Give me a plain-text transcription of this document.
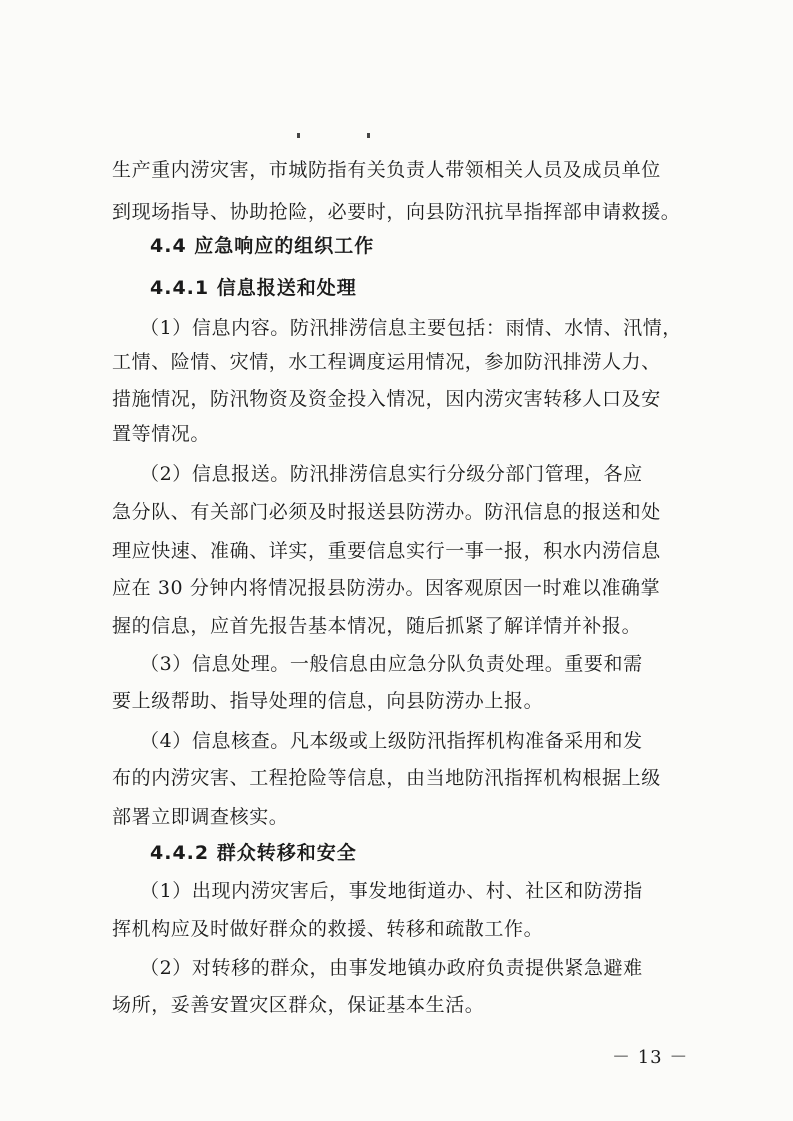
生产重内涝灾害，市城防指有关负责人带领相关人员及成员单位
到现场指导、协助抢险，必要时，向县防汛抗旱指挥部申请救援。
4.4 应急响应的组织工作
4.4.1 信息报送和处理
（1）信息内容。防汛排涝信息主要包括：雨情、水情、汛情，
工情、险情、灾情，水工程调度运用情况，参加防汛排涝人力、
措施情况，防汛物资及资金投入情况，因内涝灾害转移人口及安
置等情况。
（2）信息报送。防汛排涝信息实行分级分部门管理，各应
急分队、有关部门必须及时报送县防涝办。防汛信息的报送和处
理应快速、准确、详实，重要信息实行一事一报，积水内涝信息
应在 30 分钟内将情况报县防涝办。因客观原因一时难以准确掌
握的信息，应首先报告基本情况，随后抓紧了解详情并补报。
（3）信息处理。一般信息由应急分队负责处理。重要和需
要上级帮助、指导处理的信息，向县防涝办上报。
（4）信息核查。凡本级或上级防汛指挥机构准备采用和发
布的内涝灾害、工程抢险等信息，由当地防汛指挥机构根据上级
部署立即调查核实。
4.4.2 群众转移和安全
（1）出现内涝灾害后，事发地街道办、村、社区和防涝指
挥机构应及时做好群众的救援、转移和疏散工作。
（2）对转移的群众，由事发地镇办政府负责提供紧急避难
场所，妥善安置灾区群众，保证基本生活。
－ 13 －
